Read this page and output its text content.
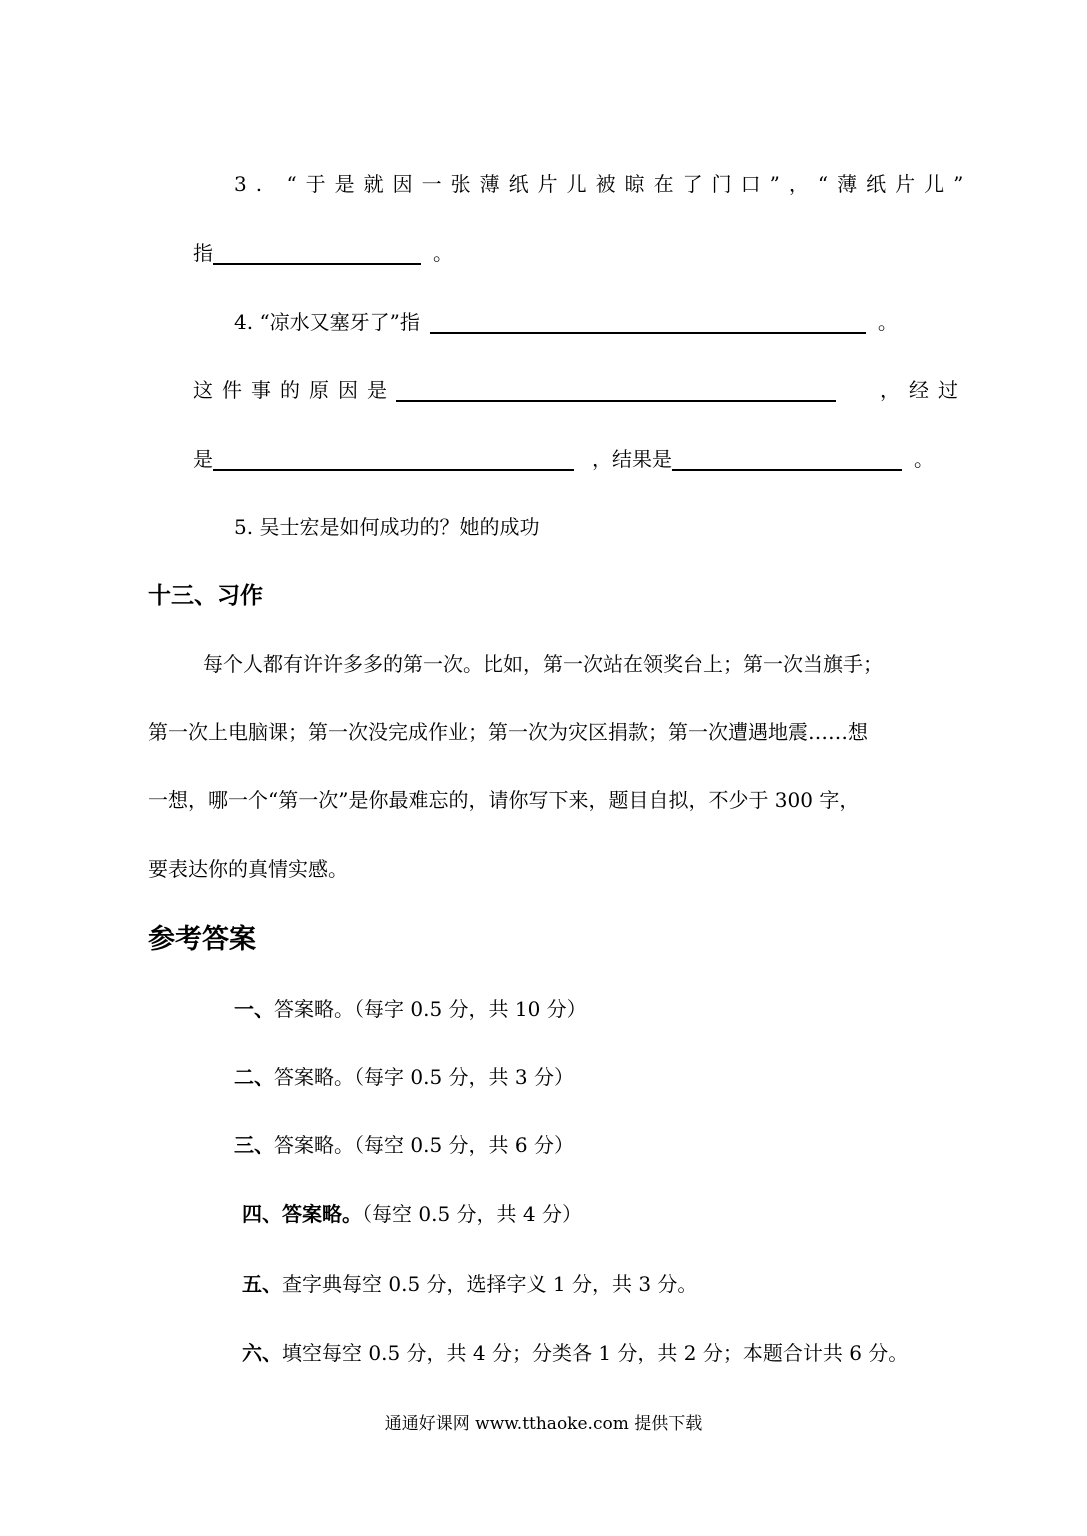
3. “于是就因一张薄纸片儿被晾在了门口”，“薄纸片儿”
指	。
4. “凉水又塞牙了”指	。
这件事的原因是	，经过
是	，结果是	。
5. 吴士宏是如何成功的？她的成功
十三、习作
每个人都有许许多多的第一次。比如，第一次站在领奖台上；第一次当旗手；
第一次上电脑课；第一次没完成作业；第一次为灾区捐款；第一次遭遇地震……想
一想，哪一个“第一次”是你最难忘的，请你写下来，题目自拟，不少于 300 字，
要表达你的真情实感。
参考答案
一、答案略。（每字 0.5 分，共 10 分）
二、答案略。（每字 0.5 分，共 3 分）
三、答案略。（每空 0.5 分，共 6 分）
四、答案略。（每空 0.5 分，共 4 分）
五、查字典每空 0.5 分，选择字义 1 分，共 3 分。
六、填空每空 0.5 分，共 4 分；分类各 1 分，共 2 分；本题合计共 6 分。
通通好课网 www.tthaoke.com 提供下载
